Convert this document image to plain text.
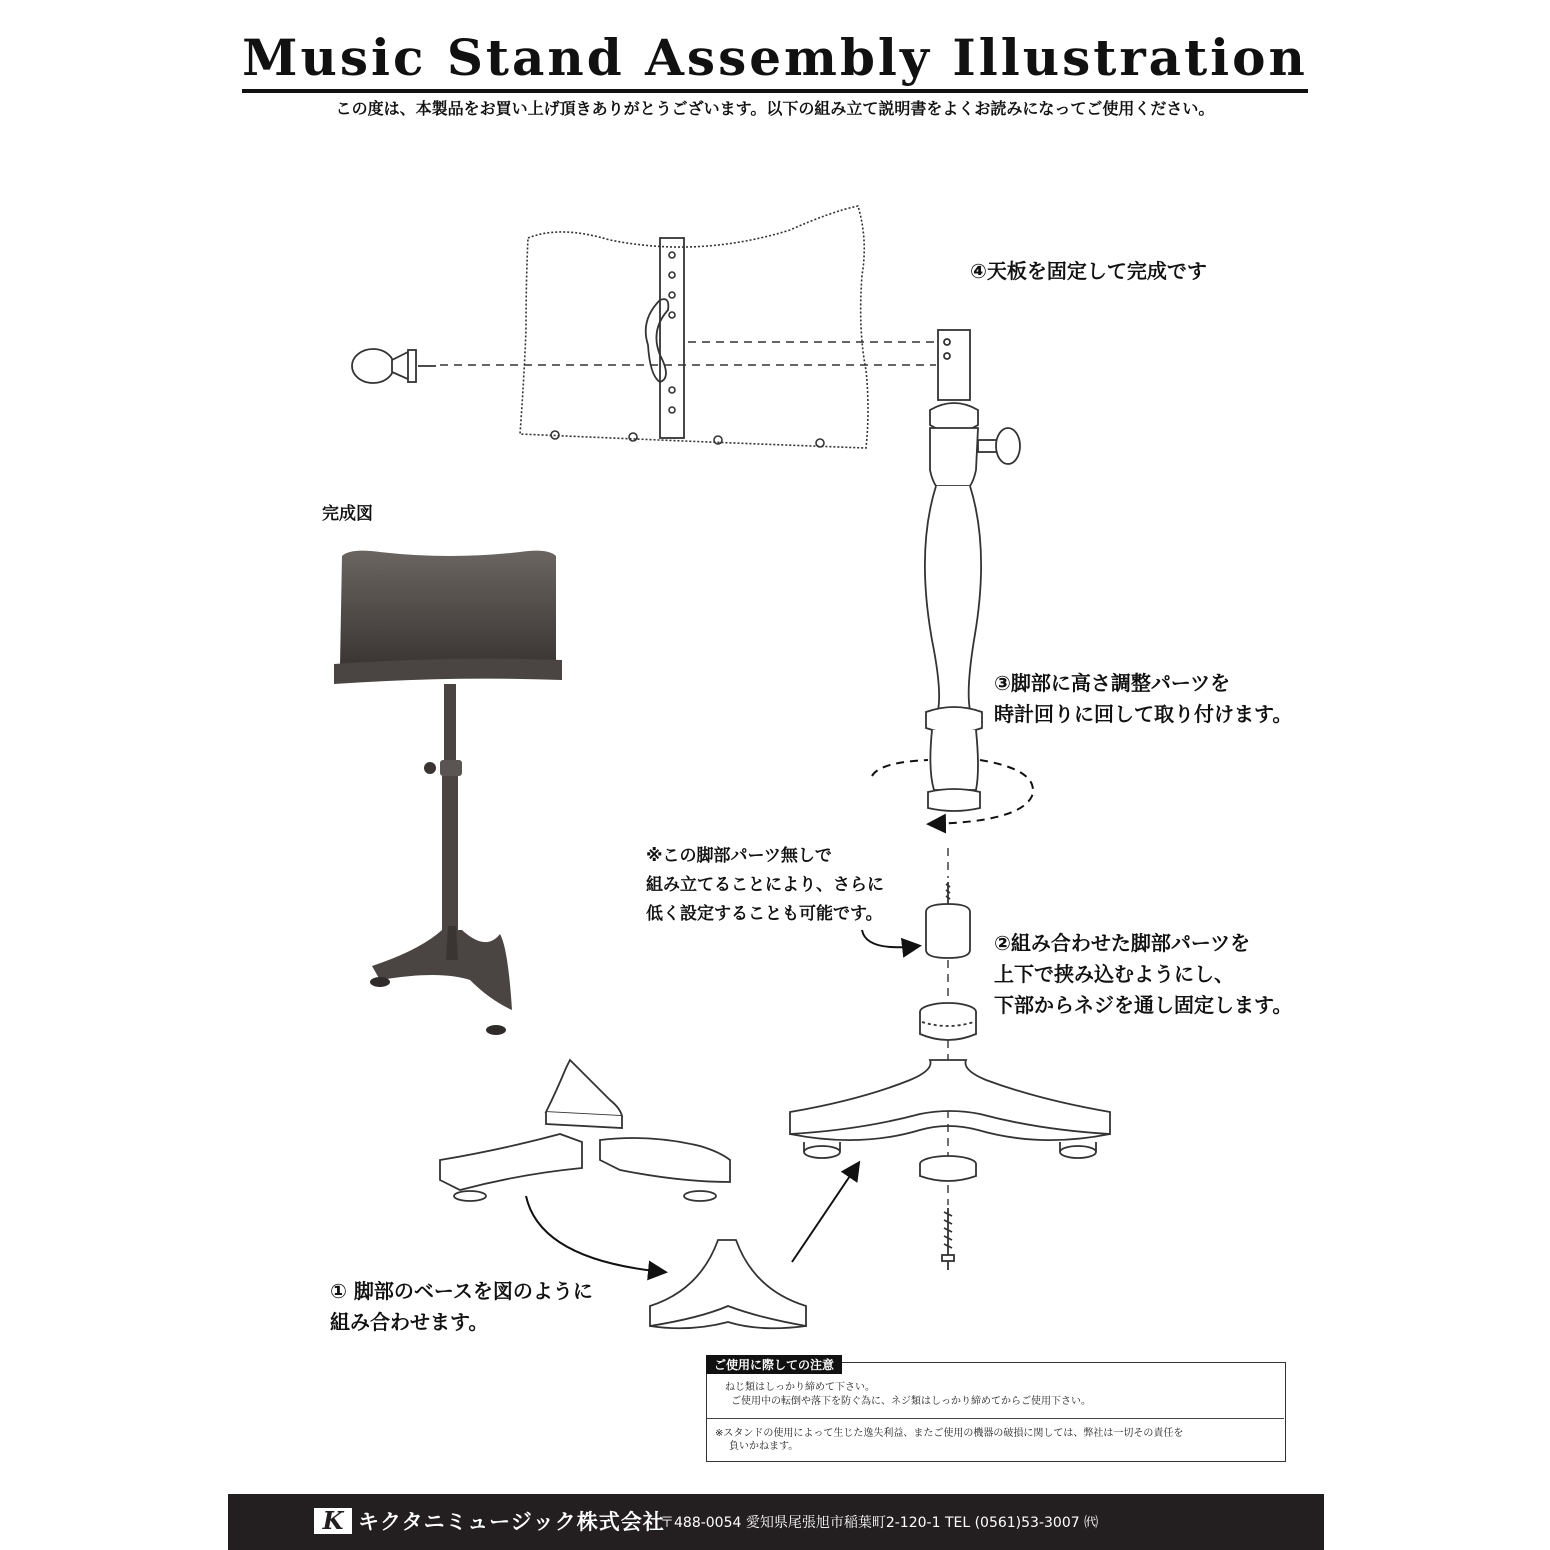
Music Stand Assembly Illustration
この度は、本製品をお買い上げ頂きありがとうございます。以下の組み立て説明書をよくお読みになってご使用ください。
完成図
④天板を固定して完成です
③脚部に高さ調整パーツを
時計回りに回して取り付けます。
※この脚部パーツ無しで
組み立てることにより、さらに
低く設定することも可能です。
②組み合わせた脚部パーツを
上下で挟み込むようにし、
下部からネジを通し固定します。
① 脚部のベースを図のように
組み合わせます。
ねじ類はしっかり締めて下さい。
ご使用中の転倒や落下を防ぐ為に、ネジ類はしっかり締めてからご使用下さい。
※スタンドの使用によって生じた逸失利益、またご使用の機器の破損に関しては、弊社は一切その責任を
負いかねます。
ご使用に際しての注意
K キクタニミュージック株式会社
〒488-0054 愛知県尾張旭市稲葉町2-120-1 TEL (0561)53-3007 ㈹
